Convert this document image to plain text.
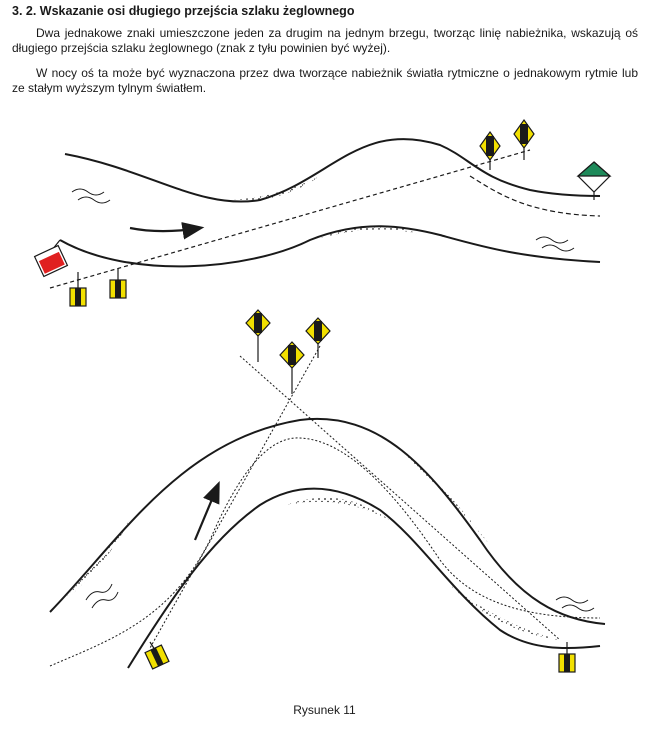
3. 2. Wskazanie osi długiego przejścia szlaku żeglownego

Dwa jednakowe znaki umieszczone jeden za drugim na jednym brzegu, tworząc linię nabieżnika, wskazują oś długiego przejścia szlaku żeglownego (znak z tyłu powinien być wyżej).

W nocy oś ta może być wyznaczona przez dwa tworzące nabieżnik światła rytmiczne o jednakowym rytmie lub ze stałym wyższym tylnym światłem.

Rysunek 11
